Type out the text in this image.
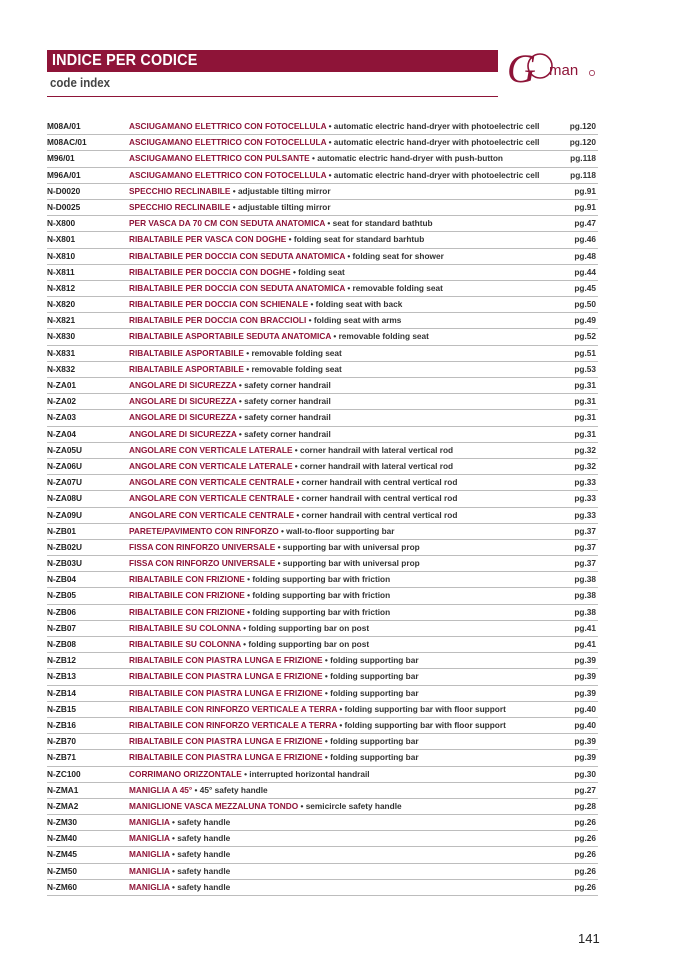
INDICE PER CODICE
code index	G man
M08A/01	ASCIUGAMANO ELETTRICO CON FOTOCELLULA • automatic electric hand-dryer with photoelectric cell	pg.120
M08AC/01	ASCIUGAMANO ELETTRICO CON FOTOCELLULA • automatic electric hand-dryer with photoelectric cell	pg.120
M96/01	ASCIUGAMANO ELETTRICO CON PULSANTE • automatic electric hand-dryer with push-button	pg.118
M96A/01	ASCIUGAMANO ELETTRICO CON FOTOCELLULA • automatic electric hand-dryer with photoelectric cell	pg.118
N-D0020	SPECCHIO RECLINABILE • adjustable tilting mirror	pg.91
N-D0025	SPECCHIO RECLINABILE • adjustable tilting mirror	pg.91
N-X800	PER VASCA DA 70 CM CON SEDUTA ANATOMICA • seat for standard bathtub	pg.47
N-X801	RIBALTABILE PER VASCA CON DOGHE • folding seat for standard barhtub	pg.46
N-X810	RIBALTABILE PER DOCCIA CON SEDUTA ANATOMICA • folding seat for shower	pg.48
N-X811	RIBALTABILE PER DOCCIA CON DOGHE • folding seat	pg.44
N-X812	RIBALTABILE PER DOCCIA CON SEDUTA ANATOMICA • removable folding seat	pg.45
N-X820	RIBALTABILE PER DOCCIA CON SCHIENALE • folding seat with back	pg.50
N-X821	RIBALTABILE PER DOCCIA CON BRACCIOLI • folding seat with arms	pg.49
N-X830	RIBALTABILE ASPORTABILE SEDUTA ANATOMICA • removable folding seat	pg.52
N-X831	RIBALTABILE ASPORTABILE • removable folding seat	pg.51
N-X832	RIBALTABILE ASPORTABILE • removable folding seat	pg.53
N-ZA01	ANGOLARE DI SICUREZZA • safety corner handrail	pg.31
N-ZA02	ANGOLARE DI SICUREZZA • safety corner handrail	pg.31
N-ZA03	ANGOLARE DI SICUREZZA • safety corner handrail	pg.31
N-ZA04	ANGOLARE DI SICUREZZA • safety corner handrail	pg.31
N-ZA05U	ANGOLARE CON VERTICALE LATERALE • corner handrail with lateral vertical rod	pg.32
N-ZA06U	ANGOLARE CON VERTICALE LATERALE • corner handrail with lateral vertical rod	pg.32
N-ZA07U	ANGOLARE CON VERTICALE CENTRALE • corner handrail with central vertical rod	pg.33
N-ZA08U	ANGOLARE CON VERTICALE CENTRALE • corner handrail with central vertical rod	pg.33
N-ZA09U	ANGOLARE CON VERTICALE CENTRALE • corner handrail with central vertical rod	pg.33
N-ZB01	PARETE/PAVIMENTO CON RINFORZO • wall-to-floor supporting bar	pg.37
N-ZB02U	FISSA CON RINFORZO UNIVERSALE • supporting bar with universal prop	pg.37
N-ZB03U	FISSA CON RINFORZO UNIVERSALE • supporting bar with universal prop	pg.37
N-ZB04	RIBALTABILE CON FRIZIONE • folding supporting bar with friction	pg.38
N-ZB05	RIBALTABILE CON FRIZIONE • folding supporting bar with friction	pg.38
N-ZB06	RIBALTABILE CON FRIZIONE • folding supporting bar with friction	pg.38
N-ZB07	RIBALTABILE SU COLONNA • folding supporting bar on post	pg.41
N-ZB08	RIBALTABILE SU COLONNA • folding supporting bar on post	pg.41
N-ZB12	RIBALTABILE CON PIASTRA LUNGA E FRIZIONE • folding supporting bar	pg.39
N-ZB13	RIBALTABILE CON PIASTRA LUNGA E FRIZIONE • folding supporting bar	pg.39
N-ZB14	RIBALTABILE CON PIASTRA LUNGA E FRIZIONE • folding supporting bar	pg.39
N-ZB15	RIBALTABILE CON RINFORZO VERTICALE A TERRA • folding supporting bar with floor support	pg.40
N-ZB16	RIBALTABILE CON RINFORZO VERTICALE A TERRA • folding supporting bar with floor support	pg.40
N-ZB70	RIBALTABILE CON PIASTRA LUNGA E FRIZIONE • folding supporting bar	pg.39
N-ZB71	RIBALTABILE CON PIASTRA LUNGA E FRIZIONE • folding supporting bar	pg.39
N-ZC100	CORRIMANO ORIZZONTALE • interrupted horizontal handrail	pg.30
N-ZMA1	MANIGLIA A 45° • 45° safety handle	pg.27
N-ZMA2	MANIGLIONE VASCA MEZZALUNA TONDO • semicircle safety handle	pg.28
N-ZM30	MANIGLIA • safety handle	pg.26
N-ZM40	MANIGLIA • safety handle	pg.26
N-ZM45	MANIGLIA • safety handle	pg.26
N-ZM50	MANIGLIA • safety handle	pg.26
N-ZM60	MANIGLIA • safety handle	pg.26
141
